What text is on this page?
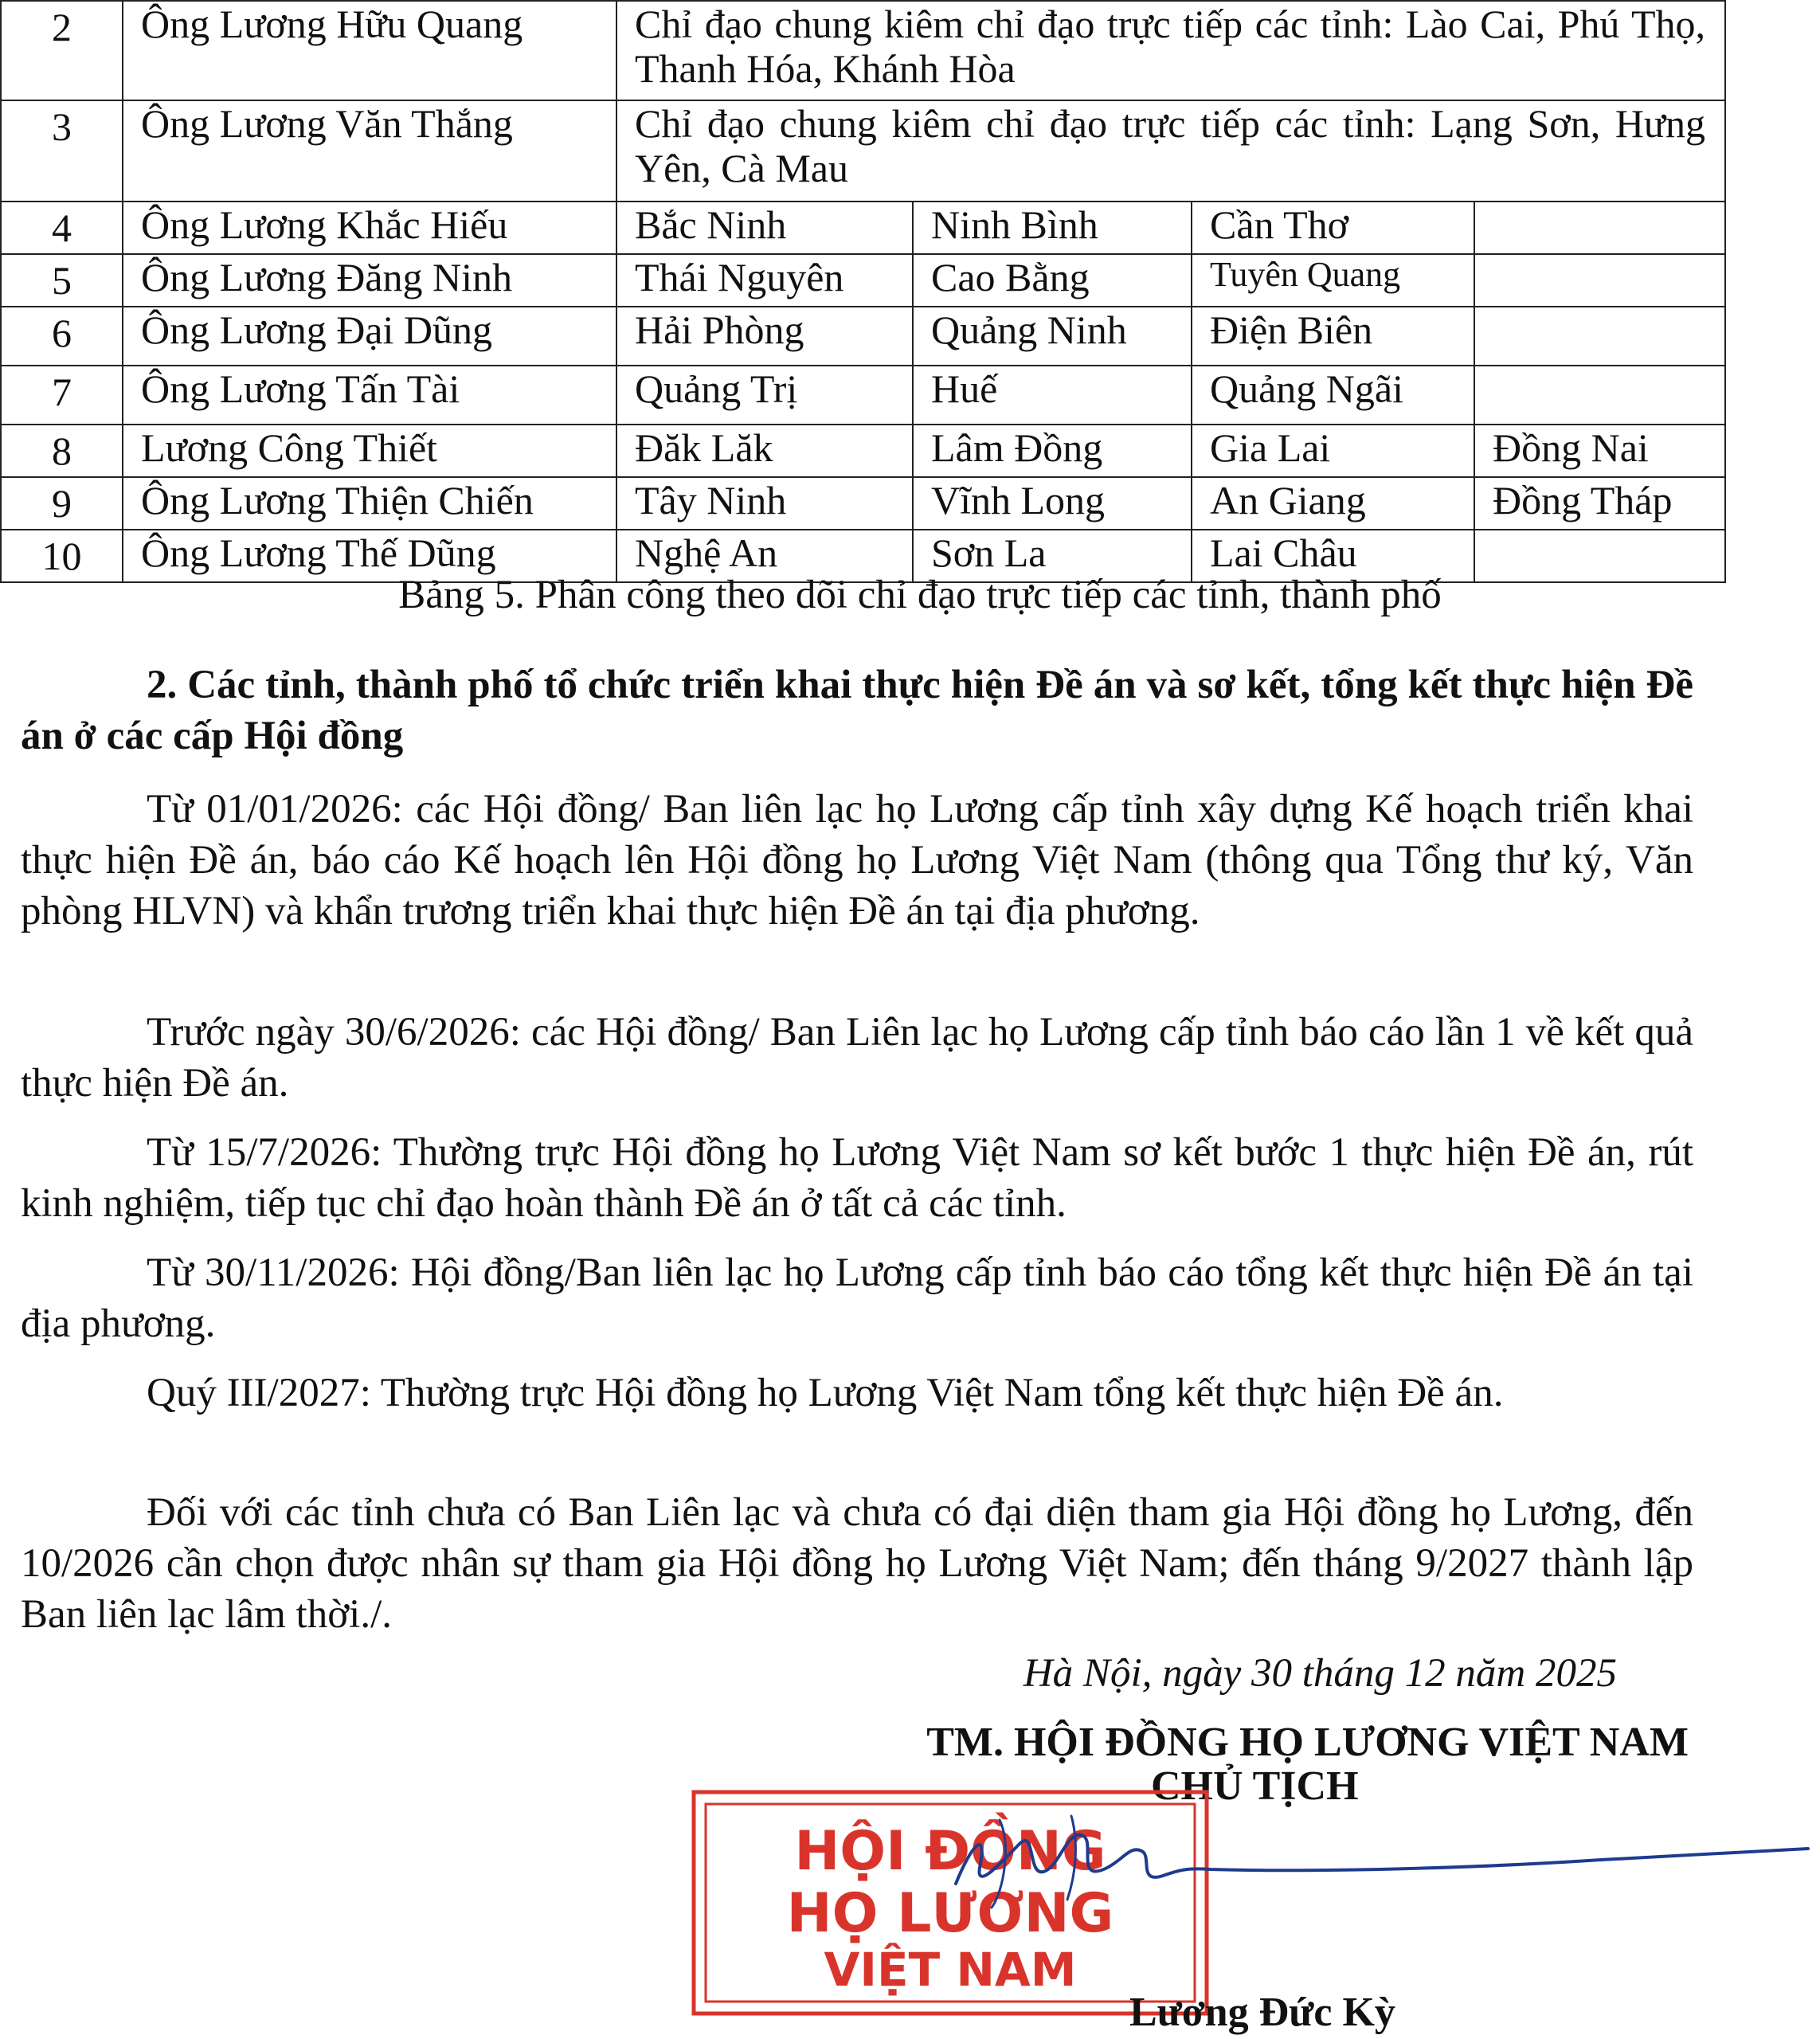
2	Ông Lương Hữu Quang	Chỉ đạo chung kiêm chỉ đạo trực tiếp các tỉnh: Lào Cai, Phú Thọ, Thanh Hóa, Khánh Hòa			
3	Ông Lương Văn Thắng	Chỉ đạo chung kiêm chỉ đạo trực tiếp các tỉnh: Lạng Sơn, Hưng Yên, Cà Mau			
4	Ông Lương Khắc Hiếu	Bắc Ninh	Ninh Bình	Cần Thơ	
5	Ông Lương Đăng Ninh	Thái Nguyên	Cao Bằng	Tuyên Quang	
6	Ông Lương Đại Dũng	Hải Phòng	Quảng Ninh	Điện Biên	
7	Ông Lương Tấn Tài	Quảng Trị	Huế	Quảng Ngãi	
8	Lương Công Thiết	Đăk Lăk	Lâm Đồng	Gia Lai	Đồng Nai
9	Ông Lương Thiện Chiến	Tây Ninh	Vĩnh Long	An Giang	Đồng Tháp
10	Ông Lương Thế Dũng	Nghệ An	Sơn La	Lai Châu	
Bảng 5. Phân công theo dõi chỉ đạo trực tiếp các tỉnh, thành phố
2. Các tỉnh, thành phố tổ chức triển khai thực hiện Đề án và sơ kết, tổng kết thực hiện Đề án ở các cấp Hội đồng
Từ 01/01/2026: các Hội đồng/ Ban liên lạc họ Lương cấp tỉnh xây dựng Kế hoạch triển khai thực hiện Đề án, báo cáo Kế hoạch lên Hội đồng họ Lương Việt Nam (thông qua Tổng thư ký, Văn phòng HLVN) và khẩn trương triển khai thực hiện Đề án tại địa phương.
Trước ngày 30/6/2026: các Hội đồng/ Ban Liên lạc họ Lương cấp tỉnh báo cáo lần 1 về kết quả thực hiện Đề án.
Từ 15/7/2026: Thường trực Hội đồng họ Lương Việt Nam sơ kết bước 1 thực hiện Đề án, rút kinh nghiệm, tiếp tục chỉ đạo hoàn thành Đề án ở tất cả các tỉnh.
Từ 30/11/2026: Hội đồng/Ban liên lạc họ Lương cấp tỉnh báo cáo tổng kết thực hiện Đề án tại địa phương.
Quý III/2027: Thường trực Hội đồng họ Lương Việt Nam tổng kết thực hiện Đề án.
Đối với các tỉnh chưa có Ban Liên lạc và chưa có đại diện tham gia Hội đồng họ Lương, đến 10/2026 cần chọn được nhân sự tham gia Hội đồng họ Lương Việt Nam; đến tháng 9/2027 thành lập Ban liên lạc lâm thời./.
Hà Nội, ngày 30 tháng 12 năm 2025
TM. HỘI ĐỒNG HỌ LƯƠNG VIỆT NAM
CHỦ TỊCH
HỘI ĐỒNG
HỌ LƯƠNG
VIỆT NAM
Lương Đức Kỳ
